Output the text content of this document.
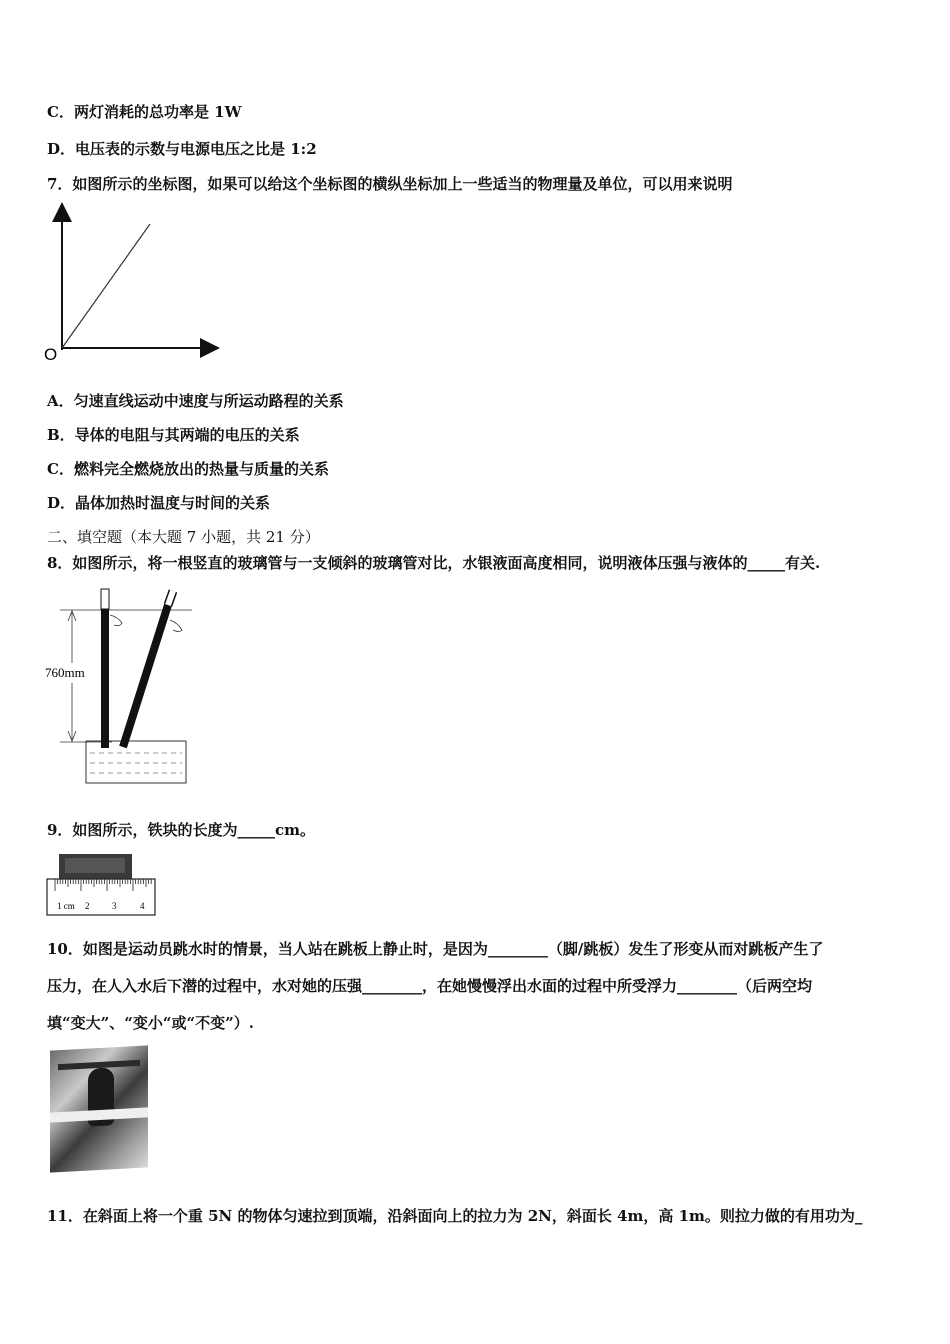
C．两灯消耗的总功率是 1W
D．电压表的示数与电源电压之比是 1:2
7．如图所示的坐标图，如果可以给这个坐标图的横纵坐标加上一些适当的物理量及单位，可以用来说明
O
A．匀速直线运动中速度与所运动路程的关系
B．导体的电阻与其两端的电压的关系
C．燃料完全燃烧放出的热量与质量的关系
D．晶体加热时温度与时间的关系
二、填空题（本大题 7 小题，共 21 分）
8．如图所示，将一根竖直的玻璃管与一支倾斜的玻璃管对比，水银液面高度相同，说明液体压强与液体的_____有关.
760mm
9．如图所示，铁块的长度为_____cm。
1 cm 2	3	4
10．如图是运动员跳水时的情景，当人站在跳板上静止时，是因为________（脚/跳板）发生了形变从而对跳板产生了
压力，在人入水后下潜的过程中，水对她的压强________，在她慢慢浮出水面的过程中所受浮力________（后两空均
填“变大”、“变小“或“不变”）.
11．在斜面上将一个重 5N 的物体匀速拉到顶端，沿斜面向上的拉力为 2N，斜面长 4m，高 1m。则拉力做的有用功为_
